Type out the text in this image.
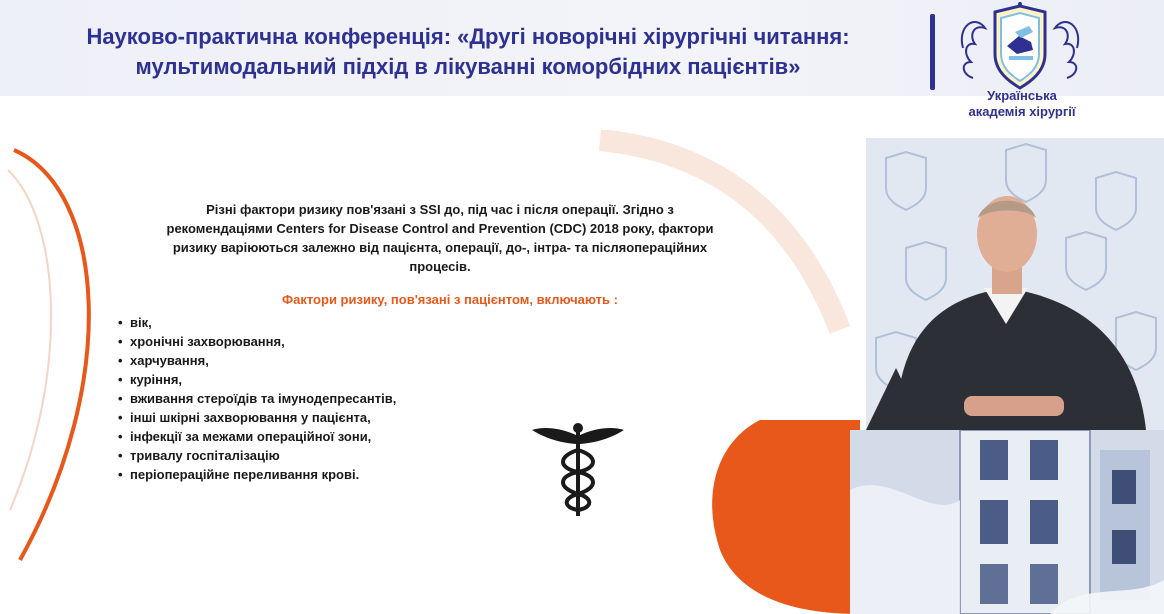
Науково-практична конференція: «Другі новорічні хірургічні читання:
мультимодальний підхід в лікуванні коморбідних пацієнтів»
Українська
академія хірургії
Різні фактори ризику пов'язані з SSI до, під час і після операції. Згідно з
рекомендаціями Centers for Disease Control and Prevention (CDC) 2018 року, фактори
ризику варіюються залежно від пацієнта, операції, до-, інтра- та післяопераційних
процесів.
Фактори ризику, пов'язані з пацієнтом, включають :
• вік,
• хронічні захворювання,
• харчування,
• куріння,
• вживання стероїдів та імунодепресантів,
• інші шкірні захворювання у пацієнта,
• інфекції за межами операційної зони,
• тривалу госпіталізацію
• періопераційне переливання крові.
